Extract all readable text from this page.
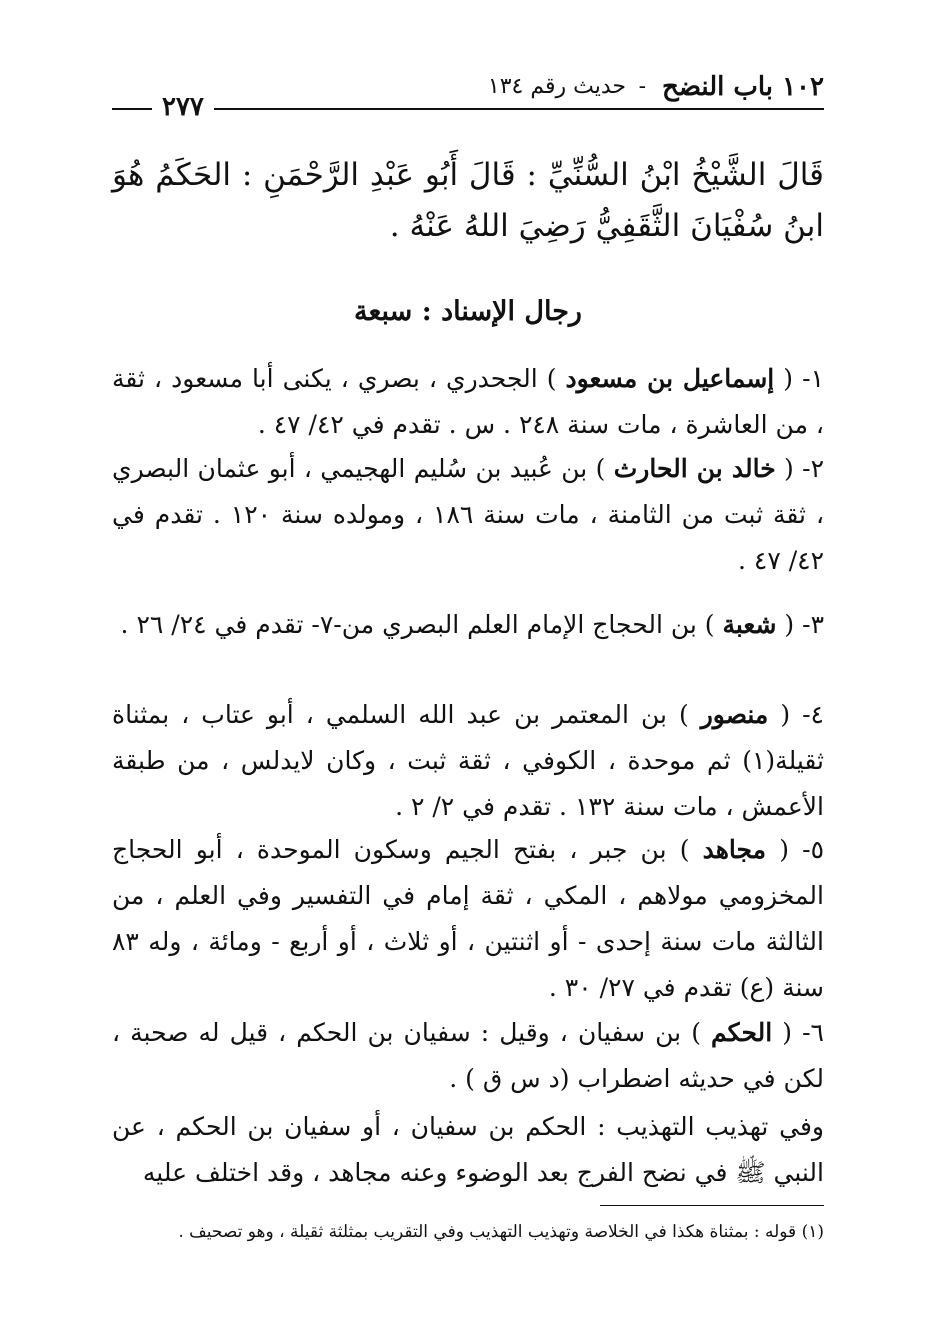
١٠٢ باب النضح
-
حديث رقم ١٣٤
٢٧٧

قَالَ الشَّيْخُ ابْنُ السُّنِّيِّ : قَالَ أَبُو عَبْدِ الرَّحْمَنِ : الحَكَمُ هُوَ ابنُ سُفْيَانَ الثَّقَفِيُّ رَضِيَ اللهُ عَنْهُ .

رجال الإسناد : سبعة

١- ( إسماعيل بن مسعود ) الجحدري ، بصري ، يكنى أبا مسعود ، ثقة ، من العاشرة ، مات سنة ٢٤٨ . س . تقدم في ٤٢/ ٤٧ .

٢- ( خالد بن الحارث ) بن عُبيد بن سُليم الهجيمي ، أبو عثمان البصري ، ثقة ثبت من الثامنة ، مات سنة ١٨٦ ، ومولده سنة ١٢٠ . تقدم في ٤٢/ ٤٧ .

٣- ( شعبة ) بن الحجاج الإمام العلم البصري من-٧- تقدم في ٢٤/ ٢٦ .

٤- ( منصور ) بن المعتمر بن عبد الله السلمي ، أبو عتاب ، بمثناة ثقيلة(١) ثم موحدة ، الكوفي ، ثقة ثبت ، وكان لايدلس ، من طبقة الأعمش ، مات سنة ١٣٢ . تقدم في ٢/ ٢ .

٥- ( مجاهد ) بن جبر ، بفتح الجيم وسكون الموحدة ، أبو الحجاج المخزومي مولاهم ، المكي ، ثقة إمام في التفسير وفي العلم ، من الثالثة مات سنة إحدى - أو اثنتين ، أو ثلاث ، أو أربع - ومائة ، وله ٨٣ سنة (ع) تقدم في ٢٧/ ٣٠ .

٦- ( الحكم ) بن سفيان ، وقيل : سفيان بن الحكم ، قيل له صحبة ، لكن في حديثه اضطراب (د س ق ) .

وفي تهذيب التهذيب : الحكم بن سفيان ، أو سفيان بن الحكم ، عن النبي ﷺ في نضح الفرج بعد الوضوء وعنه مجاهد ، وقد اختلف عليه

(١) قوله : بمثناة هكذا في الخلاصة وتهذيب التهذيب وفي التقريب بمثلثة ثقيلة ، وهو تصحيف .
